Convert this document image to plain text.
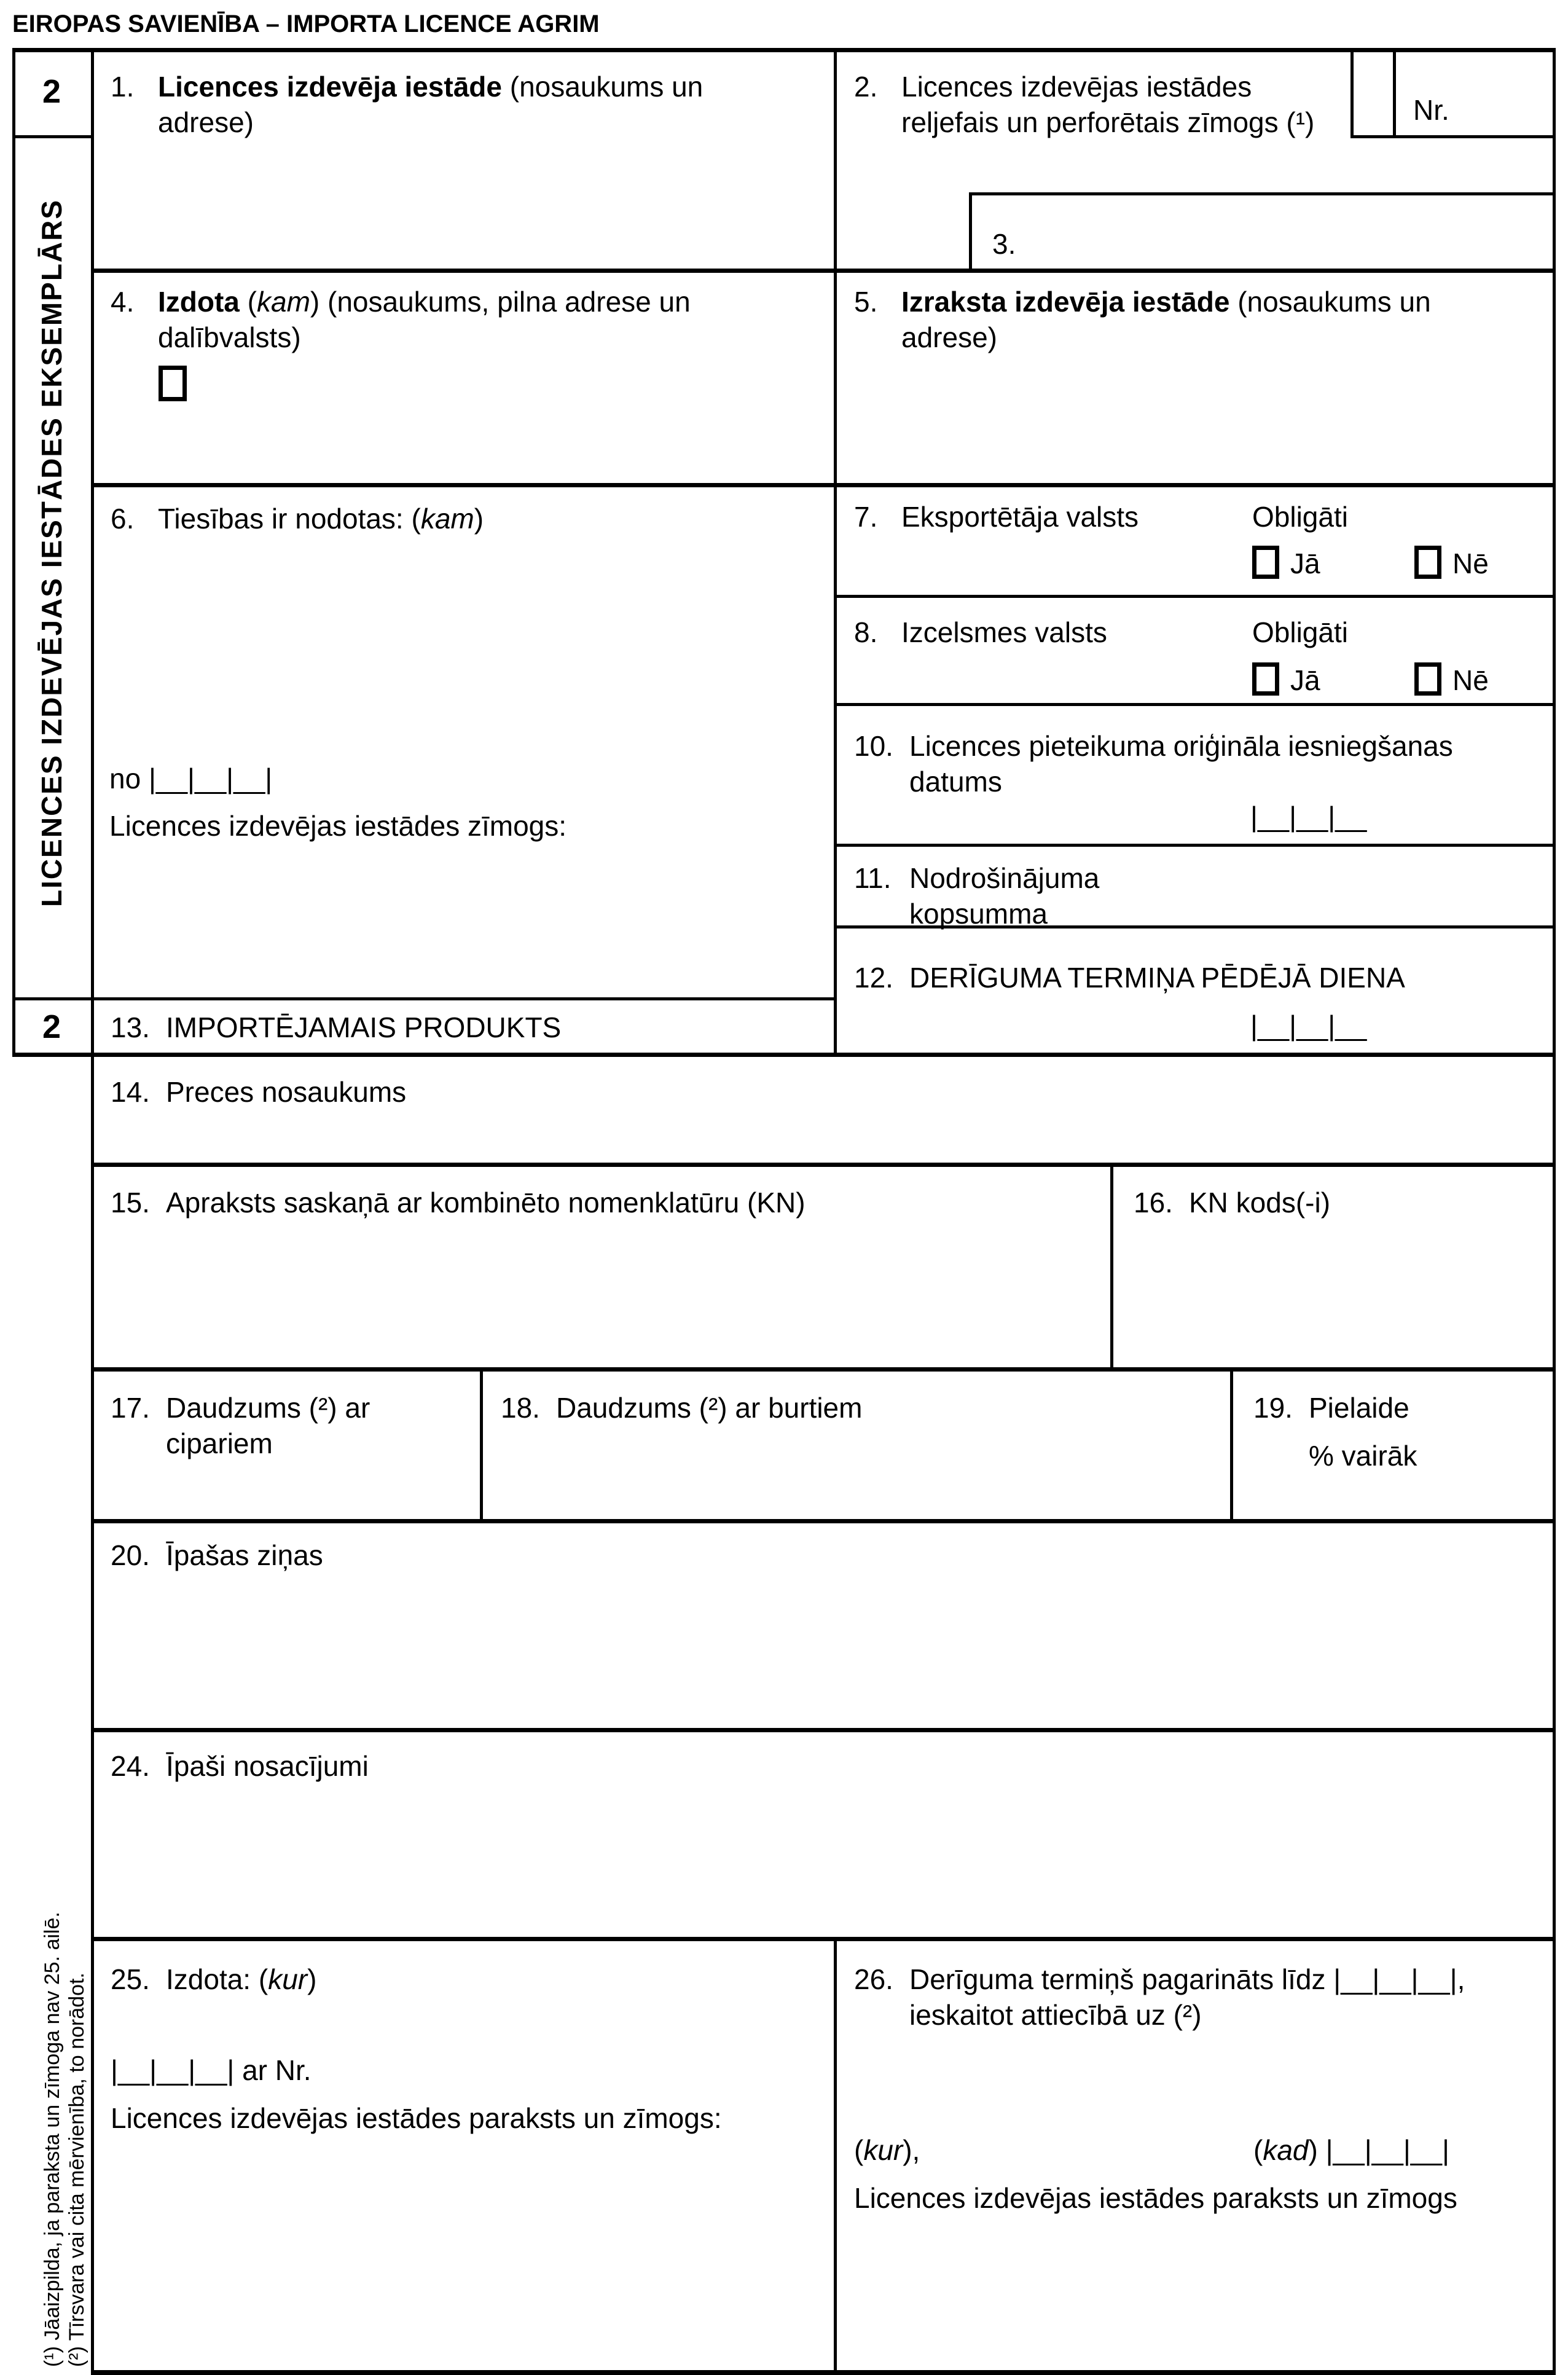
EIROPAS SAVIENĪBA – IMPORTA LICENCE AGRIM
2
LICENCES IZDEVĒJAS IESTĀDES EKSEMPLĀRS
2
(¹) Jāaizpilda, ja paraksta un zīmoga nav 25. ailē. (²) Tīrsvara vai cita mērvienība, to norādot.
Nr.
1. Licences izdevēja iestāde (nosaukums un
adrese)
2. Licences izdevējas iestādes
reljefais un perforētais zīmogs (¹)
3.
4. Izdota (kam) (nosaukums, pilna adrese un
dalībvalsts)
5. Izraksta izdevēja iestāde (nosaukums un
adrese)
6. Tiesības ir nodotas: (kam)
no |__|__|__|
Licences izdevējas iestādes zīmogs:
7. Eksportētāja valsts	Obligāti
Jā	Nē
8. Izcelsmes valsts	Obligāti
Jā	Nē
10. Licences pieteikuma oriģināla iesniegšanas
datums
|__|__|__
11. Nodrošinājuma
kopsumma
12. DERĪGUMA TERMIŅA PĒDĒJĀ DIENA
|__|__|__
13. IMPORTĒJAMAIS PRODUKTS
14. Preces nosaukums
15. Apraksts saskaņā ar kombinēto nomenklatūru (KN)	16. KN kods(-i)
17. Daudzums (²) ar
cipariem
18. Daudzums (²) ar burtiem	19. Pielaide
% vairāk
20. Īpašas ziņas
24. Īpaši nosacījumi
25. Izdota: (kur)
|__|__|__| ar Nr.
Licences izdevējas iestādes paraksts un zīmogs:
26. Derīguma termiņš pagarināts līdz |__|__|__|,
ieskaitot attiecībā uz (²)
(kur),	(kad) |__|__|__|
Licences izdevējas iestādes paraksts un zīmogs
